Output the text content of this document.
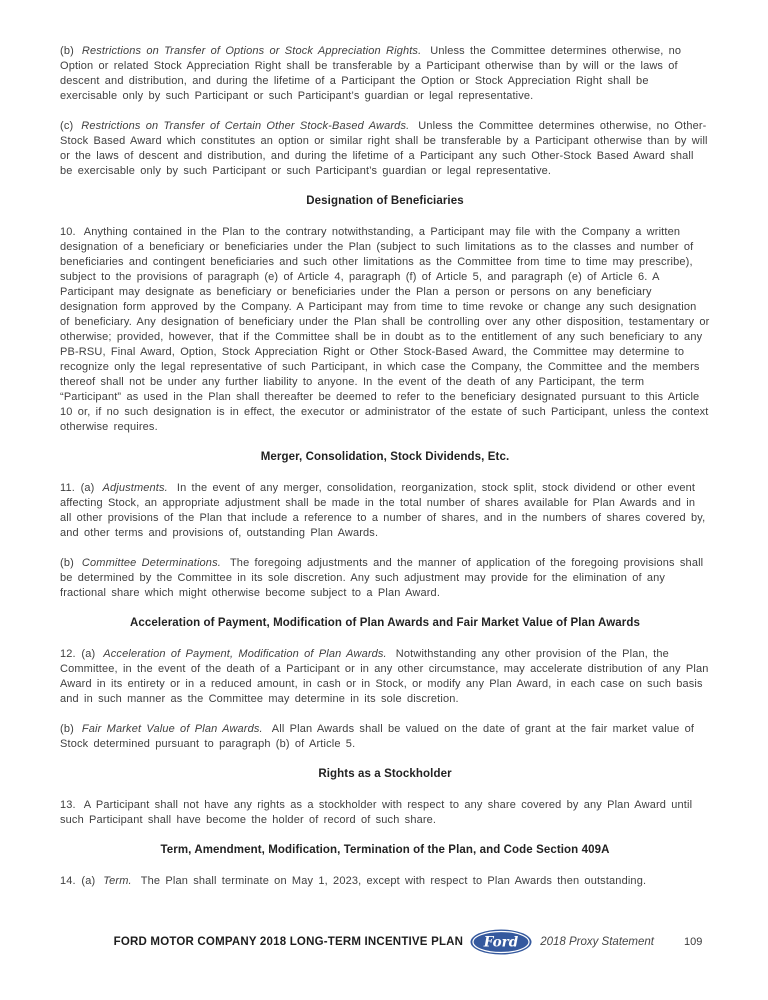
(b) Restrictions on Transfer of Options or Stock Appreciation Rights. Unless the Committee determines otherwise, no Option or related Stock Appreciation Right shall be transferable by a Participant otherwise than by will or the laws of descent and distribution, and during the lifetime of a Participant the Option or Stock Appreciation Right shall be exercisable only by such Participant or such Participant’s guardian or legal representative.

(c) Restrictions on Transfer of Certain Other Stock-Based Awards. Unless the Committee determines otherwise, no Other-Stock Based Award which constitutes an option or similar right shall be transferable by a Participant otherwise than by will or the laws of descent and distribution, and during the lifetime of a Participant any such Other-Stock Based Award shall be exercisable only by such Participant or such Participant’s guardian or legal representative.

Designation of Beneficiaries

10. Anything contained in the Plan to the contrary notwithstanding, a Participant may file with the Company a written designation of a beneficiary or beneficiaries under the Plan (subject to such limitations as to the classes and number of beneficiaries and contingent beneficiaries and such other limitations as the Committee from time to time may prescribe), subject to the provisions of paragraph (e) of Article 4, paragraph (f) of Article 5, and paragraph (e) of Article 6. A Participant may designate as beneficiary or beneficiaries under the Plan a person or persons on any beneficiary designation form approved by the Company. A Participant may from time to time revoke or change any such designation of beneficiary. Any designation of beneficiary under the Plan shall be controlling over any other disposition, testamentary or otherwise; provided, however, that if the Committee shall be in doubt as to the entitlement of any such beneficiary to any PB-RSU, Final Award, Option, Stock Appreciation Right or Other Stock-Based Award, the Committee may determine to recognize only the legal representative of such Participant, in which case the Company, the Committee and the members thereof shall not be under any further liability to anyone. In the event of the death of any Participant, the term “Participant” as used in the Plan shall thereafter be deemed to refer to the beneficiary designated pursuant to this Article 10 or, if no such designation is in effect, the executor or administrator of the estate of such Participant, unless the context otherwise requires.

Merger, Consolidation, Stock Dividends, Etc.

11. (a) Adjustments. In the event of any merger, consolidation, reorganization, stock split, stock dividend or other event affecting Stock, an appropriate adjustment shall be made in the total number of shares available for Plan Awards and in all other provisions of the Plan that include a reference to a number of shares, and in the numbers of shares covered by, and other terms and provisions of, outstanding Plan Awards.

(b) Committee Determinations. The foregoing adjustments and the manner of application of the foregoing provisions shall be determined by the Committee in its sole discretion. Any such adjustment may provide for the elimination of any fractional share which might otherwise become subject to a Plan Award.

Acceleration of Payment, Modification of Plan Awards and Fair Market Value of Plan Awards

12. (a) Acceleration of Payment, Modification of Plan Awards. Notwithstanding any other provision of the Plan, the Committee, in the event of the death of a Participant or in any other circumstance, may accelerate distribution of any Plan Award in its entirety or in a reduced amount, in cash or in Stock, or modify any Plan Award, in each case on such basis and in such manner as the Committee may determine in its sole discretion.

(b) Fair Market Value of Plan Awards. All Plan Awards shall be valued on the date of grant at the fair market value of Stock determined pursuant to paragraph (b) of Article 5.

Rights as a Stockholder

13. A Participant shall not have any rights as a stockholder with respect to any share covered by any Plan Award until such Participant shall have become the holder of record of such share.

Term, Amendment, Modification, Termination of the Plan, and Code Section 409A

14. (a) Term. The Plan shall terminate on May 1, 2023, except with respect to Plan Awards then outstanding.

FORD MOTOR COMPANY 2018 LONG-TERM INCENTIVE PLAN Ford 2018 Proxy Statement	109
